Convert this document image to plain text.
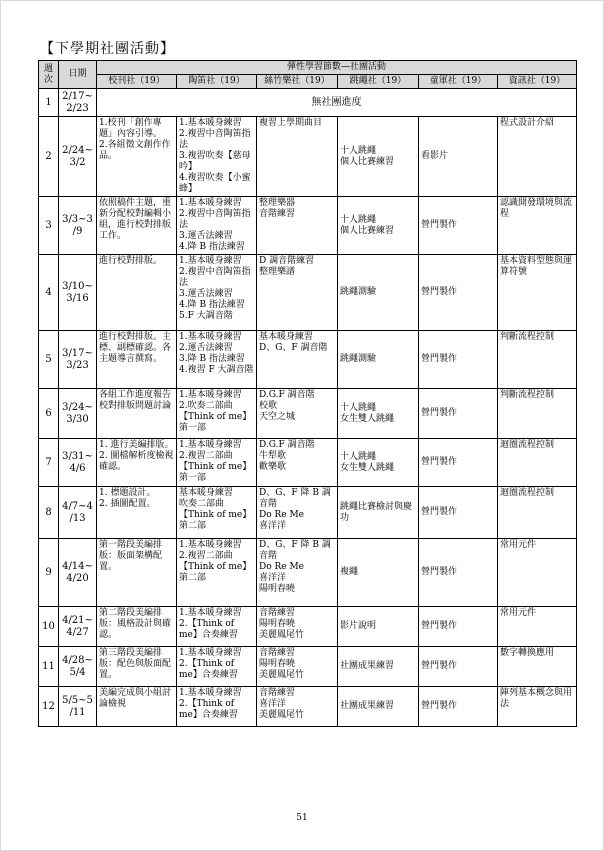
【下學期社團活動】
週
次	日期	彈性學習節數—社團活動					
		校刊社（19）	陶笛社（19）	絲竹樂社（19）	跳繩社（19）	童軍社（19）	資訊社（19）
1	2/17~
2/23	無社團進度					
2	2/24~
3/2	1.校刊「創作專題」內容引導。
2.各組徵文創作作品。	1.基本暖身練習
2.複習中音陶笛指法
3.複習吹奏【慈母吟】
4.複習吹奏【小蜜蜂】	複習上學期曲目	十人跳繩
個人比賽練習	看影片	程式設計介紹
3	3/3~3
/9	依照稿件主題，重新分配校對編輯小組，進行校對排版工作。	1.基本暖身練習
2.複習中音陶笛指法
3.運舌法練習
4.降 B 指法練習	整理樂器
音階練習	十人跳繩
個人比賽練習	營門製作	認識開發環境與流程
4	3/10~
3/16	進行校對排版。	1.基本暖身練習
2.複習中音陶笛指法
3.運舌法練習
4.降 B 指法練習
5.F 大調音階	D 調音階練習
整理樂譜	跳繩測驗	營門製作	基本資料型態與運算符號
5	3/17~
3/23	進行校對排版。主標、副標確認。各主題導言撰寫。	1.基本暖身練習
2.運舌法練習
3.降 B 指法練習
4.複習 F 大調音階	基本暖身練習
D、G、F 調音階	跳繩測驗	營門製作	判斷流程控制
6	3/24~
3/30	各組工作進度報告校對排版問題討論	1.基本暖身練習
2.吹奏二部曲【Think of me】第一部	D.G.F 調音階
校歌
天空之城	十人跳繩
女生雙人跳繩	營門製作	判斷流程控制
7	3/31~
4/6	1. 進行美編排版。 2. 圖檔解析度檢視確認。	1.基本暖身練習
2.複習二部曲【Think of me】第一部	D.G.F 調音階
牛犁歌
歡樂歌	十人跳繩
女生雙人跳繩	營門製作	迴圈流程控制
8	4/7~4
/13	1. 標題設計。
2. 插圖配置。	基本暖身練習
吹奏二部曲【Think of me】第二部	D、G、F 降 B 調音階
Do Re Me
喜洋洋	跳繩比賽檢討與慶功	營門製作	迴圈流程控制
9	4/14~
4/20	第一階段美編排版：版面架構配置。	1.基本暖身練習
2.複習二部曲【Think of me】第二部	D、G、F 降 B 調音階
Do Re Me
喜洋洋
陽明春曉	複繩	營門製作	常用元件
10	4/21~
4/27	第二階段美編排版：風格設計與確認。	1.基本暖身練習
2.【Think of me】合奏練習	音階練習
陽明春曉
美麗鳳尾竹	影片說明	營門製作	常用元件
11	4/28~
5/4	第三階段美編排版：配色與版面配置。	1.基本暖身練習
2.【Think of me】合奏練習	音階練習
陽明春曉
美麗鳳尾竹	社團成果練習	營門製作	數字轉換應用
12	5/5~5
/11	美編完成與小組討論檢視	1.基本暖身練習
2.【Think of me】合奏練習	音階練習
喜洋洋
美麗鳳尾竹	社團成果練習	營門製作	陣列基本概念與用法
51
